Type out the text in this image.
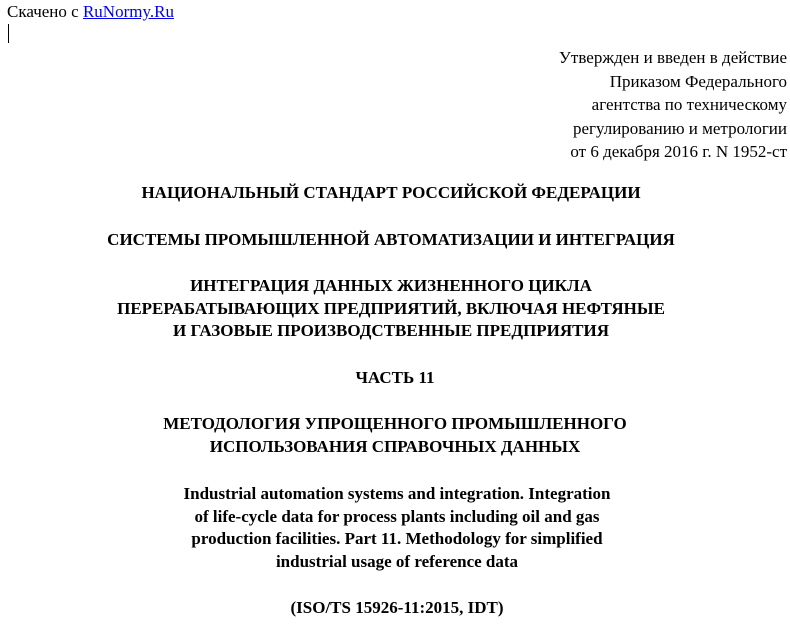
Скачено с RuNormy.Ru
Утвержден и введен в действие
Приказом Федерального
агентства по техническому
регулированию и метрологии
от 6 декабря 2016 г. N 1952-ст
НАЦИОНАЛЬНЫЙ СТАНДАРТ РОССИЙСКОЙ ФЕДЕРАЦИИ
СИСТЕМЫ ПРОМЫШЛЕННОЙ АВТОМАТИЗАЦИИ И ИНТЕГРАЦИЯ
ИНТЕГРАЦИЯ ДАННЫХ ЖИЗНЕННОГО ЦИКЛА
ПЕРЕРАБАТЫВАЮЩИХ ПРЕДПРИЯТИЙ, ВКЛЮЧАЯ НЕФТЯНЫЕ
И ГАЗОВЫЕ ПРОИЗВОДСТВЕННЫЕ ПРЕДПРИЯТИЯ
ЧАСТЬ 11
МЕТОДОЛОГИЯ УПРОЩЕННОГО ПРОМЫШЛЕННОГО
ИСПОЛЬЗОВАНИЯ СПРАВОЧНЫХ ДАННЫХ
Industrial automation systems and integration. Integration
of life-cycle data for process plants including oil and gas
production facilities. Part 11. Methodology for simplified
industrial usage of reference data
(ISO/TS 15926-11:2015, IDT)
